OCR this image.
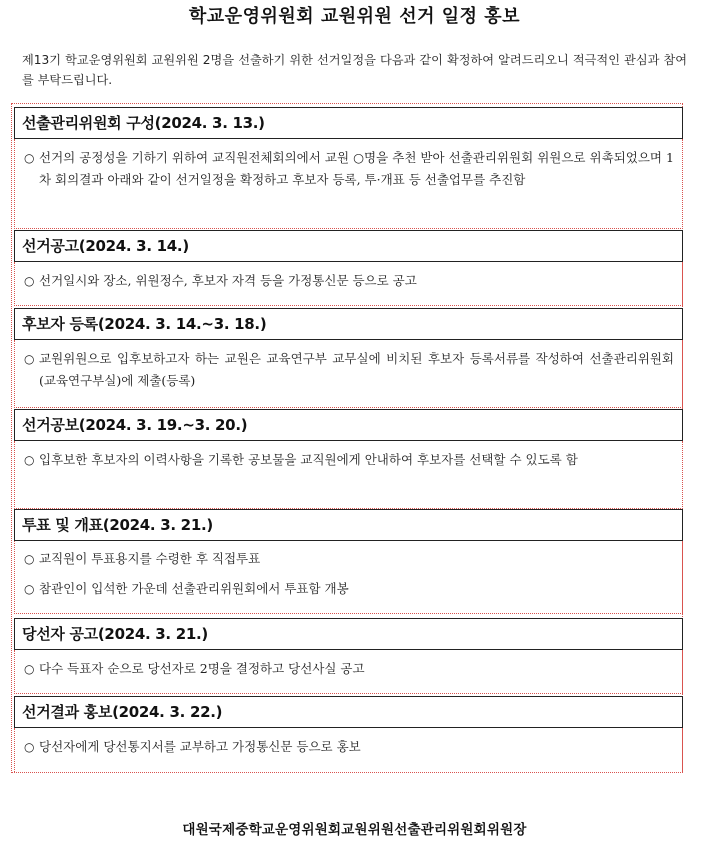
학교운영위원회 교원위원 선거 일정 홍보
제13기 학교운영위원회 교원위원 2명을 선출하기 위한 선거일정을 다음과 같이 확정하여 알려드리오니 적극적인 관심과 참여를 부탁드립니다.
선출관리위원회 구성(2024. 3. 13.)
○ 선거의 공정성을 기하기 위하여 교직원전체회의에서 교원 ○명을 추천 받아 선출관리위원회 위원으로 위촉되었으며 1차 회의결과 아래와 같이 선거일정을 확정하고 후보자 등록, 투·개표 등 선출업무를 추진함
선거공고(2024. 3. 14.)
○ 선거일시와 장소, 위원정수, 후보자 자격 등을 가정통신문 등으로 공고
후보자 등록(2024. 3. 14.~3. 18.)
○ 교원위원으로 입후보하고자 하는 교원은 교육연구부 교무실에 비치된 후보자 등록서류를 작성하여 선출관리위원회(교육연구부실)에 제출(등록)
선거공보(2024. 3. 19.~3. 20.)
○ 입후보한 후보자의 이력사항을 기록한 공보물을 교직원에게 안내하여 후보자를 선택할 수 있도록 함
투표 및 개표(2024. 3. 21.)
○ 교직원이 투표용지를 수령한 후 직접투표
○ 참관인이 입석한 가운데 선출관리위원회에서 투표함 개봉
당선자 공고(2024. 3. 21.)
○ 다수 득표자 순으로 당선자로 2명을 결정하고 당선사실 공고
선거결과 홍보(2024. 3. 22.)
○ 당선자에게 당선통지서를 교부하고 가정통신문 등으로 홍보
대원국제중학교운영위원회교원위원선출관리위원회위원장
